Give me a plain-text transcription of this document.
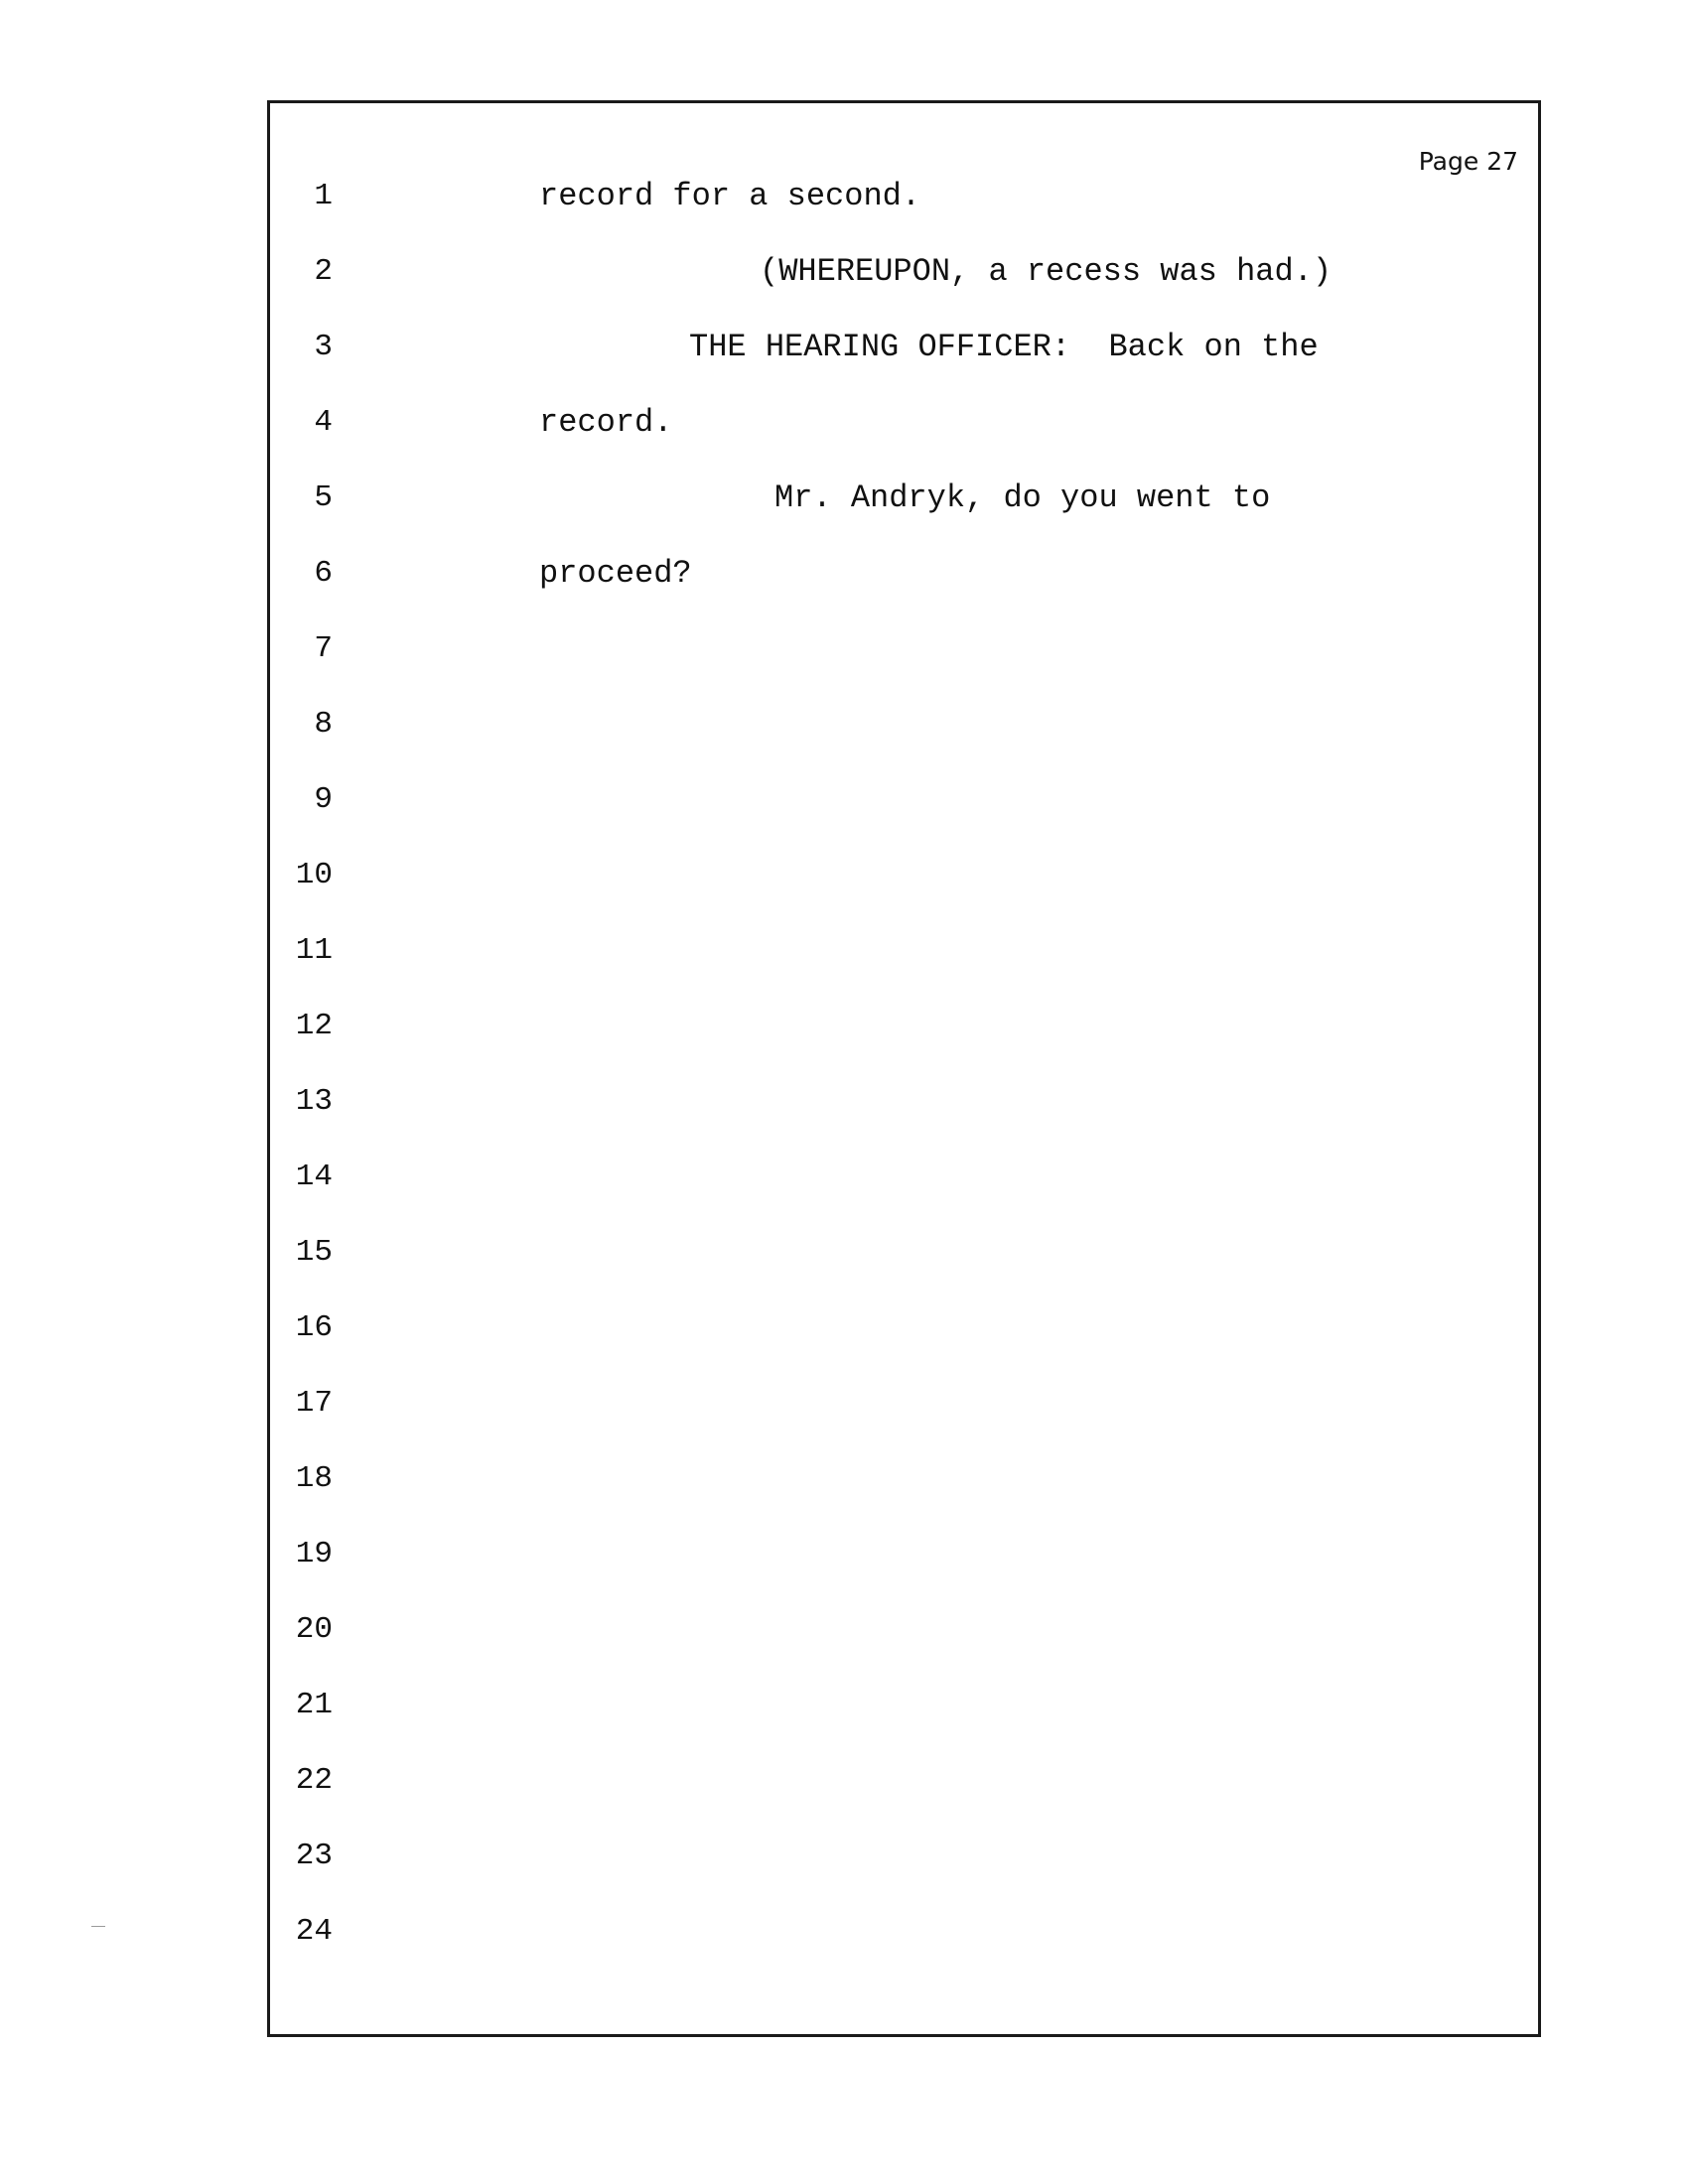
Page 27
1
2
3
4
5
6
7
8
9
10
11
12
13
14
15
16
17
18
19
20
21
22
23
24
record for a second.
(WHEREUPON, a recess was had.)
THE HEARING OFFICER:  Back on the
record.
Mr. Andryk, do you went to
proceed?
